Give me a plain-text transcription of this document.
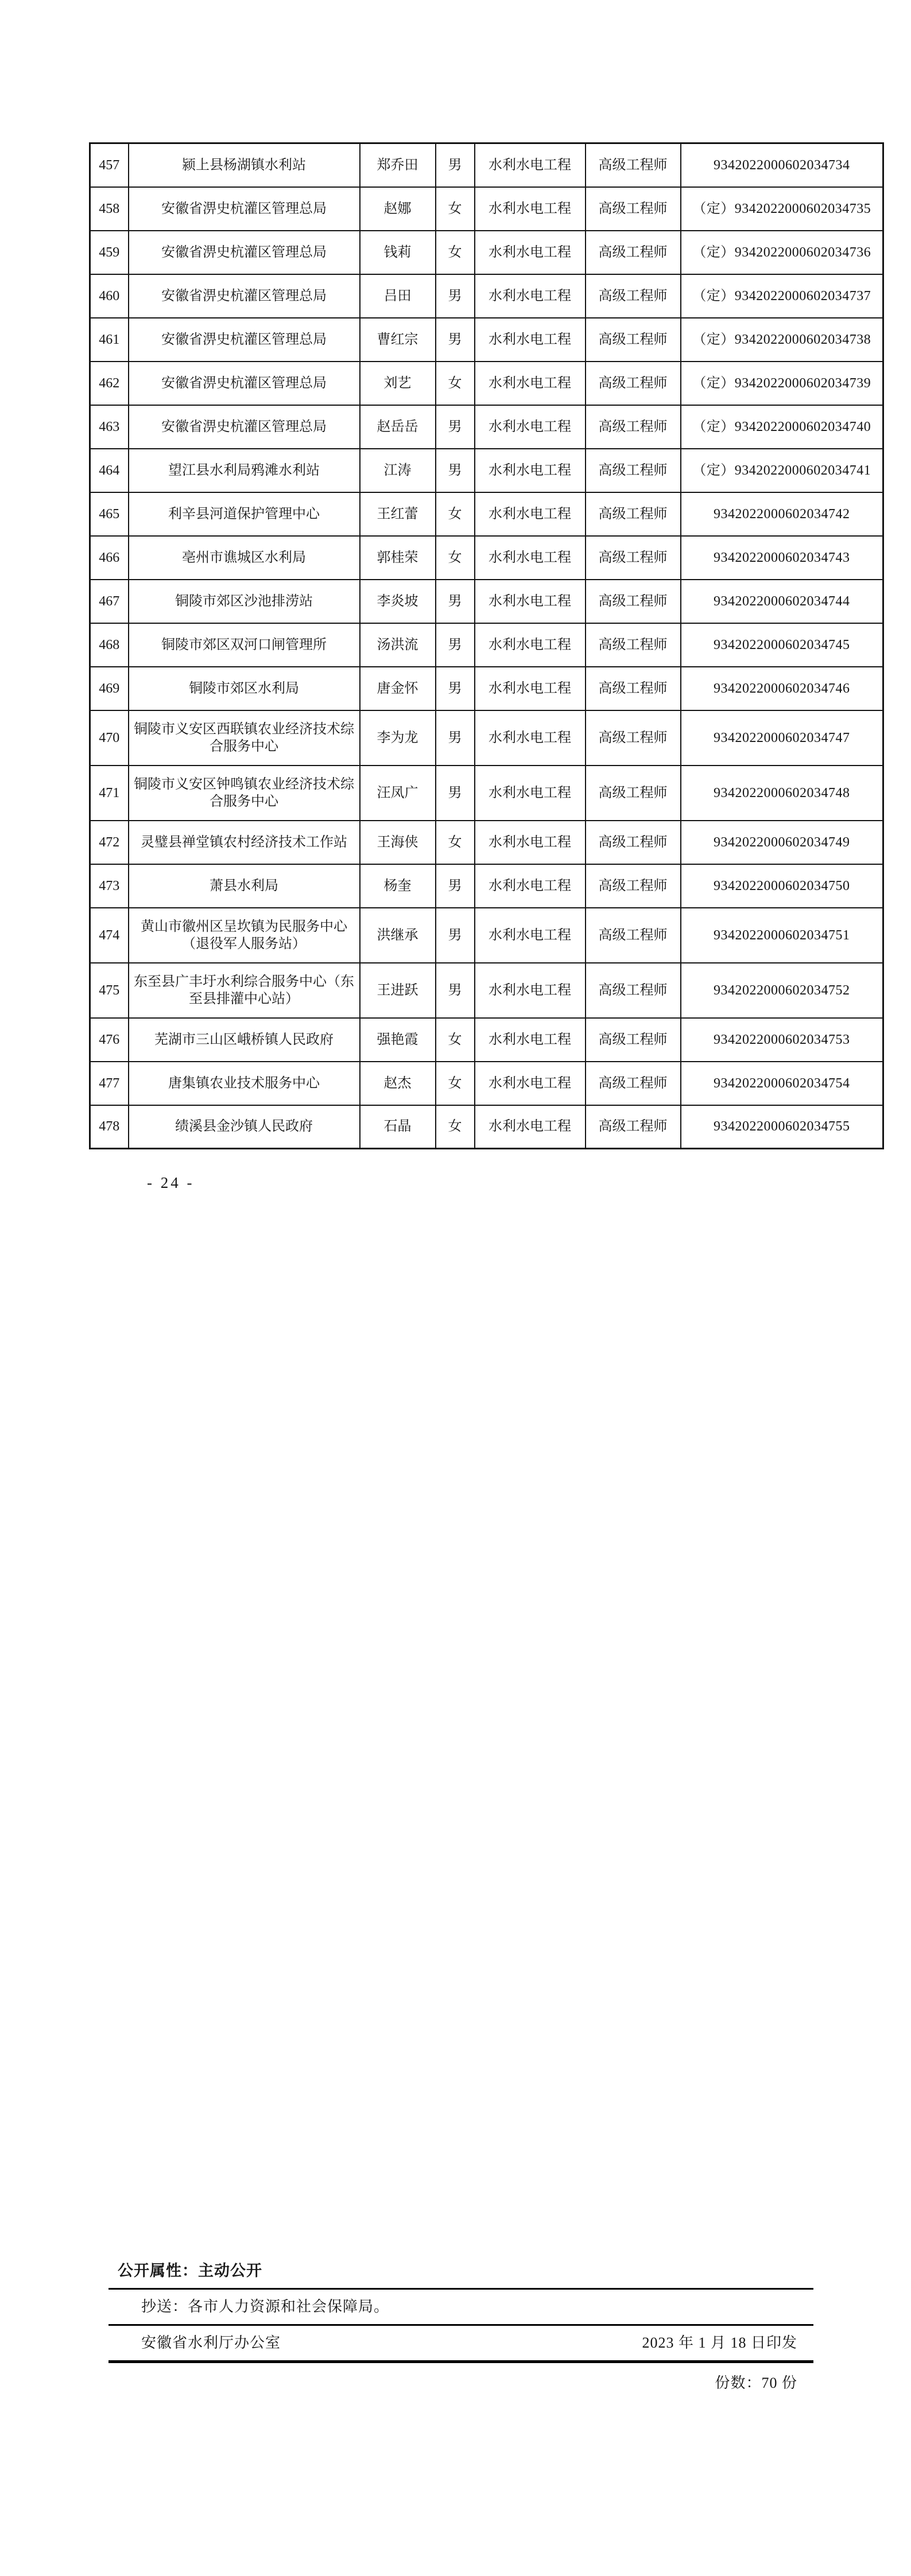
457	颍上县杨湖镇水利站	郑乔田	男	水利水电工程	高级工程师	9342022000602034734
458	安徽省淠史杭灌区管理总局	赵娜	女	水利水电工程	高级工程师	（定）9342022000602034735
459	安徽省淠史杭灌区管理总局	钱莉	女	水利水电工程	高级工程师	（定）9342022000602034736
460	安徽省淠史杭灌区管理总局	吕田	男	水利水电工程	高级工程师	（定）9342022000602034737
461	安徽省淠史杭灌区管理总局	曹红宗	男	水利水电工程	高级工程师	（定）9342022000602034738
462	安徽省淠史杭灌区管理总局	刘艺	女	水利水电工程	高级工程师	（定）9342022000602034739
463	安徽省淠史杭灌区管理总局	赵岳岳	男	水利水电工程	高级工程师	（定）9342022000602034740
464	望江县水利局鸦滩水利站	江涛	男	水利水电工程	高级工程师	（定）9342022000602034741
465	利辛县河道保护管理中心	王红蕾	女	水利水电工程	高级工程师	9342022000602034742
466	亳州市谯城区水利局	郭桂荣	女	水利水电工程	高级工程师	9342022000602034743
467	铜陵市郊区沙池排涝站	李炎坡	男	水利水电工程	高级工程师	9342022000602034744
468	铜陵市郊区双河口闸管理所	汤洪流	男	水利水电工程	高级工程师	9342022000602034745
469	铜陵市郊区水利局	唐金怀	男	水利水电工程	高级工程师	9342022000602034746
470	铜陵市义安区西联镇农业经济技术综合服务中心	李为龙	男	水利水电工程	高级工程师	9342022000602034747
471	铜陵市义安区钟鸣镇农业经济技术综合服务中心	汪凤广	男	水利水电工程	高级工程师	9342022000602034748
472	灵璧县禅堂镇农村经济技术工作站	王海侠	女	水利水电工程	高级工程师	9342022000602034749
473	萧县水利局	杨奎	男	水利水电工程	高级工程师	9342022000602034750
474	黄山市徽州区呈坎镇为民服务中心（退役军人服务站）	洪继承	男	水利水电工程	高级工程师	9342022000602034751
475	东至县广丰圩水利综合服务中心（东至县排灌中心站）	王进跃	男	水利水电工程	高级工程师	9342022000602034752
476	芜湖市三山区峨桥镇人民政府	强艳霞	女	水利水电工程	高级工程师	9342022000602034753
477	唐集镇农业技术服务中心	赵杰	女	水利水电工程	高级工程师	9342022000602034754
478	绩溪县金沙镇人民政府	石晶	女	水利水电工程	高级工程师	9342022000602034755
- 24 -
公开属性：主动公开
抄送：各市人力资源和社会保障局。
安徽省水利厅办公室	2023 年 1 月 18 日印发
份数：70 份
